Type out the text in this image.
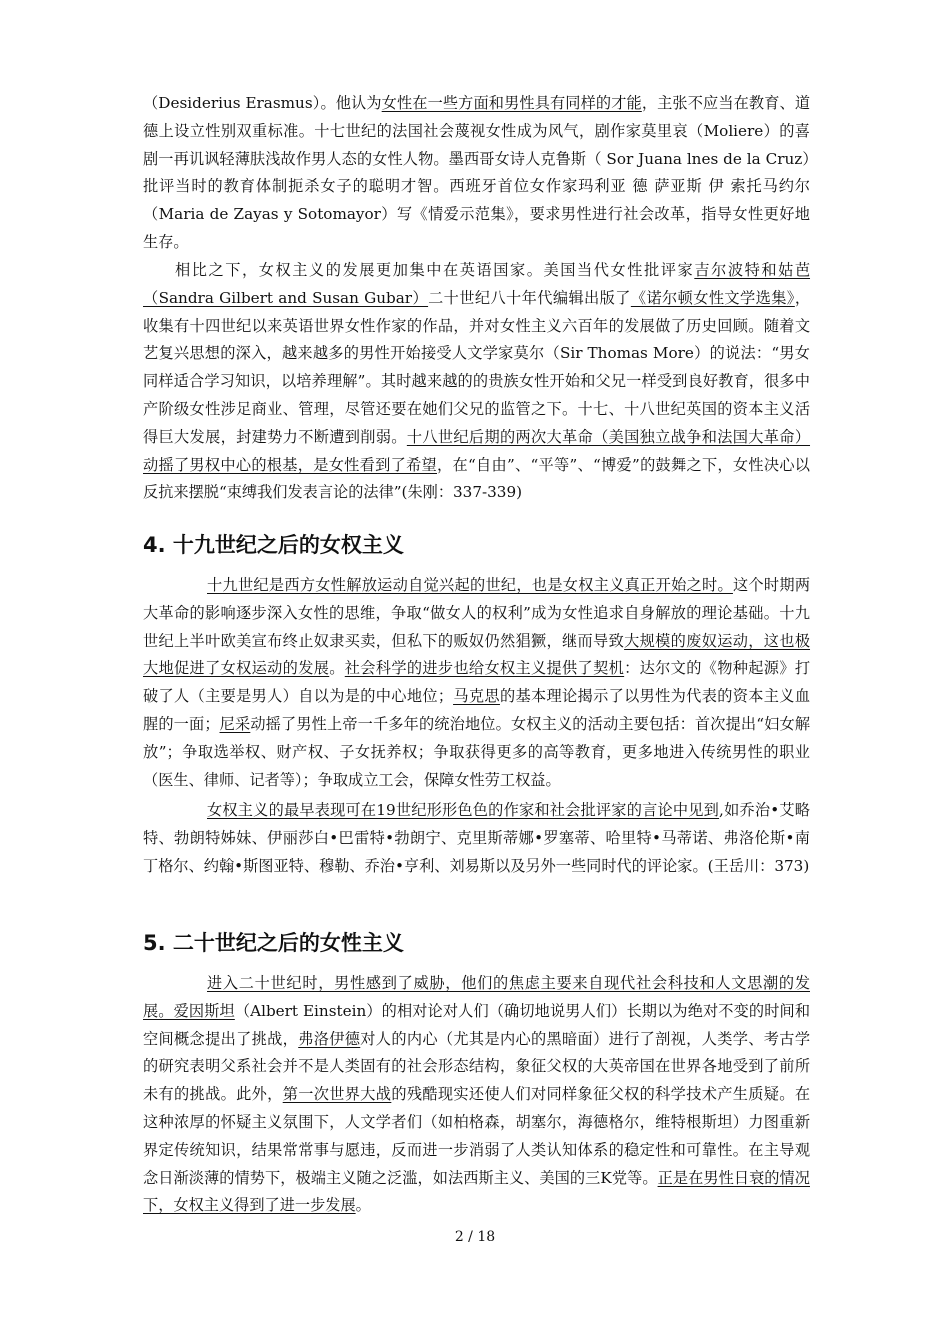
（Desiderius Erasmus）。他认为女性在一些方面和男性具有同样的才能，主张不应当在教育、道德上设立性别双重标准。十七世纪的法国社会蔑视女性成为风气，剧作家莫里哀（Moliere）的喜剧一再讥讽轻薄肤浅故作男人态的女性人物。墨西哥女诗人克鲁斯（ Sor Juana lnes de la Cruz）批评当时的教育体制扼杀女子的聪明才智。西班牙首位女作家玛利亚 德 萨亚斯 伊 索托马约尔（Maria de Zayas y Sotomayor）写《情爱示范集》，要求男性进行社会改革，指导女性更好地生存。

相比之下，女权主义的发展更加集中在英语国家。美国当代女性批评家吉尔波特和姑芭（Sandra Gilbert and Susan Gubar）二十世纪八十年代编辑出版了《诺尔顿女性文学选集》，收集有十四世纪以来英语世界女性作家的作品，并对女性主义六百年的发展做了历史回顾。随着文艺复兴思想的深入，越来越多的男性开始接受人文学家莫尔（Sir Thomas More）的说法：“男女同样适合学习知识，以培养理解”。其时越来越的的贵族女性开始和父兄一样受到良好教育，很多中产阶级女性涉足商业、管理，尽管还要在她们父兄的监管之下。十七、十八世纪英国的资本主义活得巨大发展，封建势力不断遭到削弱。十八世纪后期的两次大革命（美国独立战争和法国大革命）动摇了男权中心的根基，是女性看到了希望，在“自由”、“平等”、“博爱”的鼓舞之下，女性决心以反抗来摆脱“束缚我们发表言论的法律”(朱刚：337-339)

4. 十九世纪之后的女权主义

十九世纪是西方女性解放运动自觉兴起的世纪，也是女权主义真正开始之时。这个时期两大革命的影响逐步深入女性的思维，争取“做女人的权利”成为女性追求自身解放的理论基础。十九世纪上半叶欧美宣布终止奴隶买卖，但私下的贩奴仍然猖獗，继而导致大规模的废奴运动，这也极大地促进了女权运动的发展。社会科学的进步也给女权主义提供了契机：达尔文的《物种起源》打破了人（主要是男人）自以为是的中心地位；马克思的基本理论揭示了以男性为代表的资本主义血腥的一面；尼采动摇了男性上帝一千多年的统治地位。女权主义的活动主要包括：首次提出“妇女解放”；争取选举权、财产权、子女抚养权；争取获得更多的高等教育，更多地进入传统男性的职业（医生、律师、记者等）；争取成立工会，保障女性劳工权益。

女权主义的最早表现可在19世纪形形色色的作家和社会批评家的言论中见到,如乔治•艾略特、勃朗特姊妹、伊丽莎白•巴雷特•勃朗宁、克里斯蒂娜•罗塞蒂、哈里特•马蒂诺、弗洛伦斯•南丁格尔、约翰•斯图亚特、穆勒、乔治•亨利、刘易斯以及另外一些同时代的评论家。(王岳川：373)

5. 二十世纪之后的女性主义

进入二十世纪时，男性感到了威胁，他们的焦虑主要来自现代社会科技和人文思潮的发展。爱因斯坦（Albert Einstein）的相对论对人们（确切地说男人们）长期以为绝对不变的时间和空间概念提出了挑战，弗洛伊德对人的内心（尤其是内心的黑暗面）进行了剖视，人类学、考古学的研究表明父系社会并不是人类固有的社会形态结构，象征父权的大英帝国在世界各地受到了前所未有的挑战。此外，第一次世界大战的残酷现实还使人们对同样象征父权的科学技术产生质疑。在这种浓厚的怀疑主义氛围下，人文学者们（如柏格森，胡塞尔，海德格尔，维特根斯坦）力图重新界定传统知识，结果常常事与愿违，反而进一步消弱了人类认知体系的稳定性和可靠性。在主导观念日渐淡薄的情势下，极端主义随之泛滥，如法西斯主义、美国的三K党等。正是在男性日衰的情况下，女权主义得到了进一步发展。

2 / 18
